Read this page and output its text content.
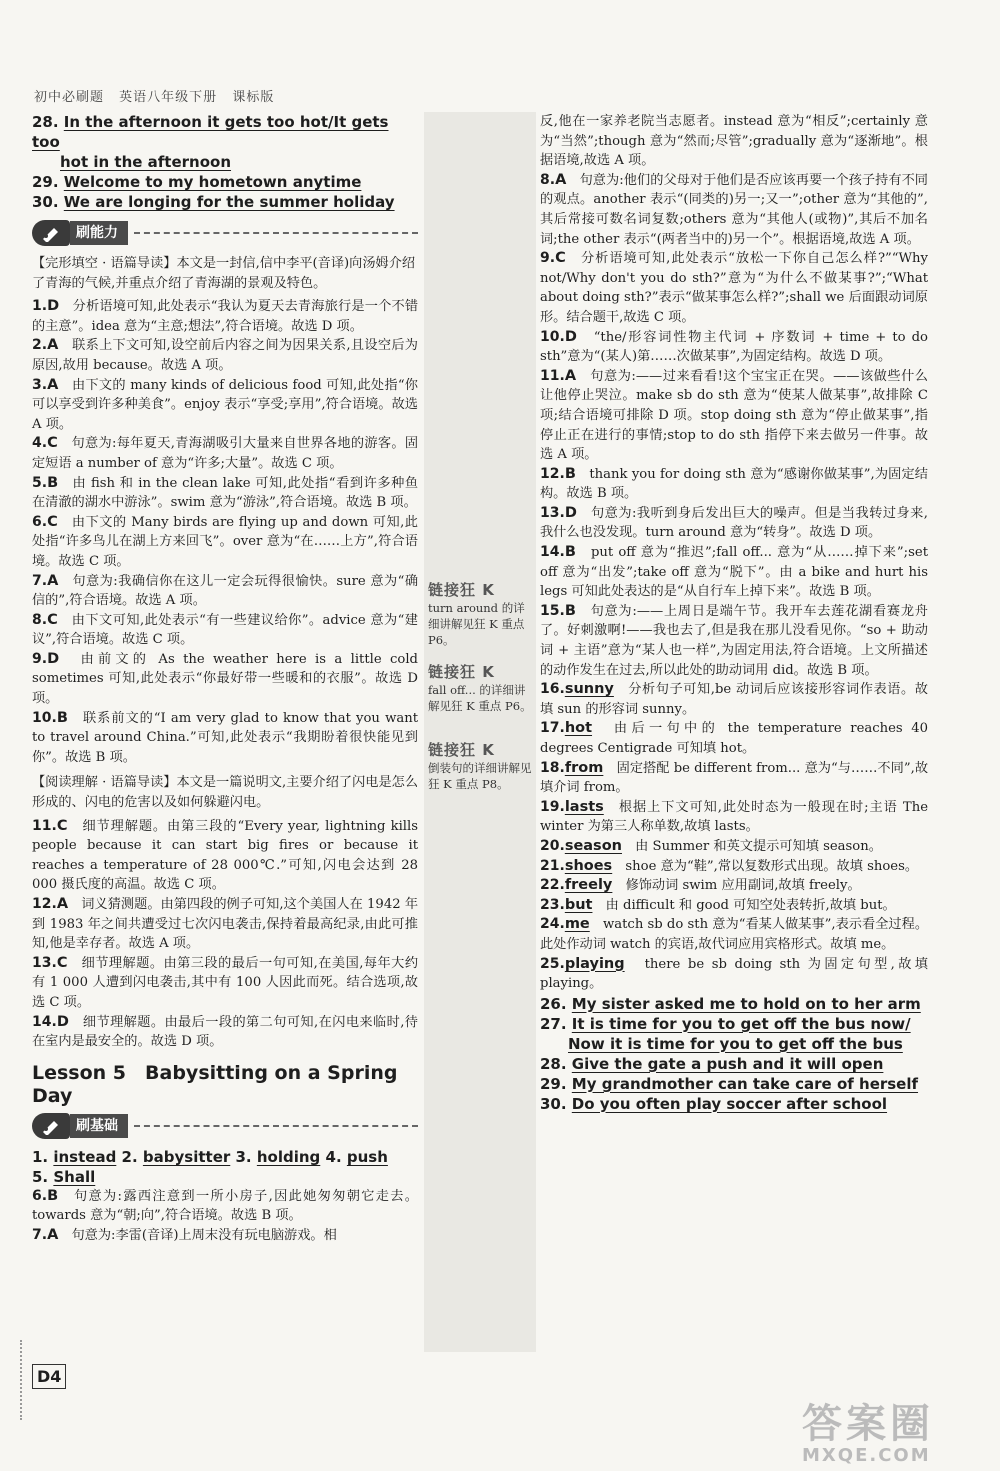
初中必刷题 英语八年级下册 课标版

28. In the afternoon it gets too hot/It gets too

hot in the afternoon

29. Welcome to my hometown anytime

30. We are longing for the summer holiday

刷能力

【完形填空 · 语篇导读】本文是一封信,信中李平(音译)向汤姆介绍了青海的气候,并重点介绍了青海湖的景观及特色。

1.D　 分析语境可知,此处表示“我认为夏天去青海旅行是一个不错的主意”。idea 意为“主意;想法”,符合语境。故选 D 项。

2.A　 联系上下文可知,设空前后内容之间为因果关系,且设空后为原因,故用 because。故选 A 项。

3.A　 由下文的 many kinds of delicious food 可知,此处指“你可以享受到许多种美食”。enjoy 表示“享受;享用”,符合语境。故选 A 项。

4.C　 句意为:每年夏天,青海湖吸引大量来自世界各地的游客。固定短语 a number of 意为“许多;大量”。故选 C 项。

5.B　 由 fish 和 in the clean lake 可知,此处指“看到许多种鱼在清澈的湖水中游泳”。swim 意为“游泳”,符合语境。故选 B 项。

6.C　 由下文的 Many birds are flying up and down 可知,此处指“许多鸟儿在湖上方来回飞”。over 意为“在……上方”,符合语境。故选 C 项。

7.A　 句意为:我确信你在这儿一定会玩得很愉快。sure 意为“确信的”,符合语境。故选 A 项。

8.C　 由下文可知,此处表示“有一些建议给你”。advice 意为“建议”,符合语境。故选 C 项。

9.D　 由前文的 As the weather here is a little cold sometimes 可知,此处表示“你最好带一些暖和的衣服”。故选 D 项。

10.B　 联系前文的“I am very glad to know that you want to travel around China.”可知,此处表示“我期盼着很快能见到你”。故选 B 项。

【阅读理解 · 语篇导读】本文是一篇说明文,主要介绍了闪电是怎么形成的、闪电的危害以及如何躲避闪电。

11.C　 细节理解题。由第三段的“Every year, lightning kills people because it can start big fires or because it reaches a temperature of 28 000℃.”可知,闪电会达到 28 000 摄氏度的高温。故选 C 项。

12.A　 词义猜测题。由第四段的例子可知,这个美国人在 1942 年到 1983 年之间共遭受过七次闪电袭击,保持着最高纪录,由此可推知,他是幸存者。故选 A 项。

13.C　 细节理解题。由第三段的最后一句可知,在美国,每年大约有 1 000 人遭到闪电袭击,其中有 100 人因此而死。结合选项,故选 C 项。

14.D　 细节理解题。由最后一段的第二句可知,在闪电来临时,待在室内是最安全的。故选 D 项。

Lesson 5　Babysitting on a Spring Day
刷基础

1. instead 2. babysitter 3. holding 4. push

5. Shall

6.B　 句意为:露西注意到一所小房子,因此她匆匆朝它走去。towards 意为“朝;向”,符合语境。故选 B 项。

7.A　 句意为:李雷(音译)上周末没有玩电脑游戏。相

链接狂 K
turn around 的详细讲解见狂 K 重点 P6。
链接狂 K
fall off... 的详细讲解见狂 K 重点 P6。
链接狂 K
倒装句的详细讲解见狂 K 重点 P8。

反,他在一家养老院当志愿者。instead 意为“相反”;certainly 意为“当然”;though 意为“然而;尽管”;gradually 意为“逐渐地”。根据语境,故选 A 项。

8.A　 句意为:他们的父母对于他们是否应该再要一个孩子持有不同的观点。another 表示“(同类的)另一;又一”;other 意为“其他的”,其后常接可数名词复数;others 意为“其他人(或物)”,其后不加名词;the other 表示“(两者当中的)另一个”。根据语境,故选 A 项。

9.C　 分析语境可知,此处表示“放松一下你自己怎么样?”“Why not/Why don't you do sth?”意为“为什么不做某事?”;“What about doing sth?”表示“做某事怎么样?”;shall we 后面跟动词原形。结合题干,故选 C 项。

10.D　 “the/形容词性物主代词 + 序数词 + time + to do sth”意为“(某人)第……次做某事”,为固定结构。故选 D 项。

11.A　 句意为:——过来看看!这个宝宝正在哭。——该做些什么让他停止哭泣。make sb do sth 意为“使某人做某事”,故排除 C 项;结合语境可排除 D 项。stop doing sth 意为“停止做某事”,指停止正在进行的事情;stop to do sth 指停下来去做另一件事。故选 A 项。

12.B　 thank you for doing sth 意为“感谢你做某事”,为固定结构。故选 B 项。

13.D　 句意为:我听到身后发出巨大的噪声。但是当我转过身来,我什么也没发现。turn around 意为“转身”。故选 D 项。

14.B　 put off 意为“推迟”;fall off... 意为“从……掉下来”;set off 意为“出发”;take off 意为“脱下”。由 a bike and hurt his legs 可知此处表达的是“从自行车上掉下来”。故选 B 项。

15.B　 句意为:——上周日是端午节。我开车去莲花湖看赛龙舟了。好刺激啊!——我也去了,但是我在那儿没看见你。“so + 助动词 + 主语”意为“某人也一样”,为固定用法,符合语境。上文所描述的动作发生在过去,所以此处的助动词用 did。故选 B 项。

16.sunny　 分析句子可知,be 动词后应该接形容词作表语。故填 sun 的形容词 sunny。

17.hot　 由后一句中的 the temperature reaches 40 degrees Centigrade 可知填 hot。

18.from　 固定搭配 be different from... 意为“与……不同”,故填介词 from。

19.lasts　 根据上下文可知,此处时态为一般现在时;主语 The winter 为第三人称单数,故填 lasts。

20.season　 由 Summer 和英文提示可知填 season。

21.shoes　 shoe 意为“鞋”,常以复数形式出现。故填 shoes。

22.freely　 修饰动词 swim 应用副词,故填 freely。

23.but　 由 difficult 和 good 可知空处表转折,故填 but。

24.me　 watch sb do sth 意为“看某人做某事”,表示看全过程。此处作动词 watch 的宾语,故代词应用宾格形式。故填 me。

25.playing　 there be sb doing sth 为固定句型,故填 playing。

26. My sister asked me to hold on to her arm

27. It is time for you to get off the bus now/

Now it is time for you to get off the bus

28. Give the gate a push and it will open

29. My grandmother can take care of herself

30. Do you often play soccer after school

D4
答案圈
MXQE.COM
